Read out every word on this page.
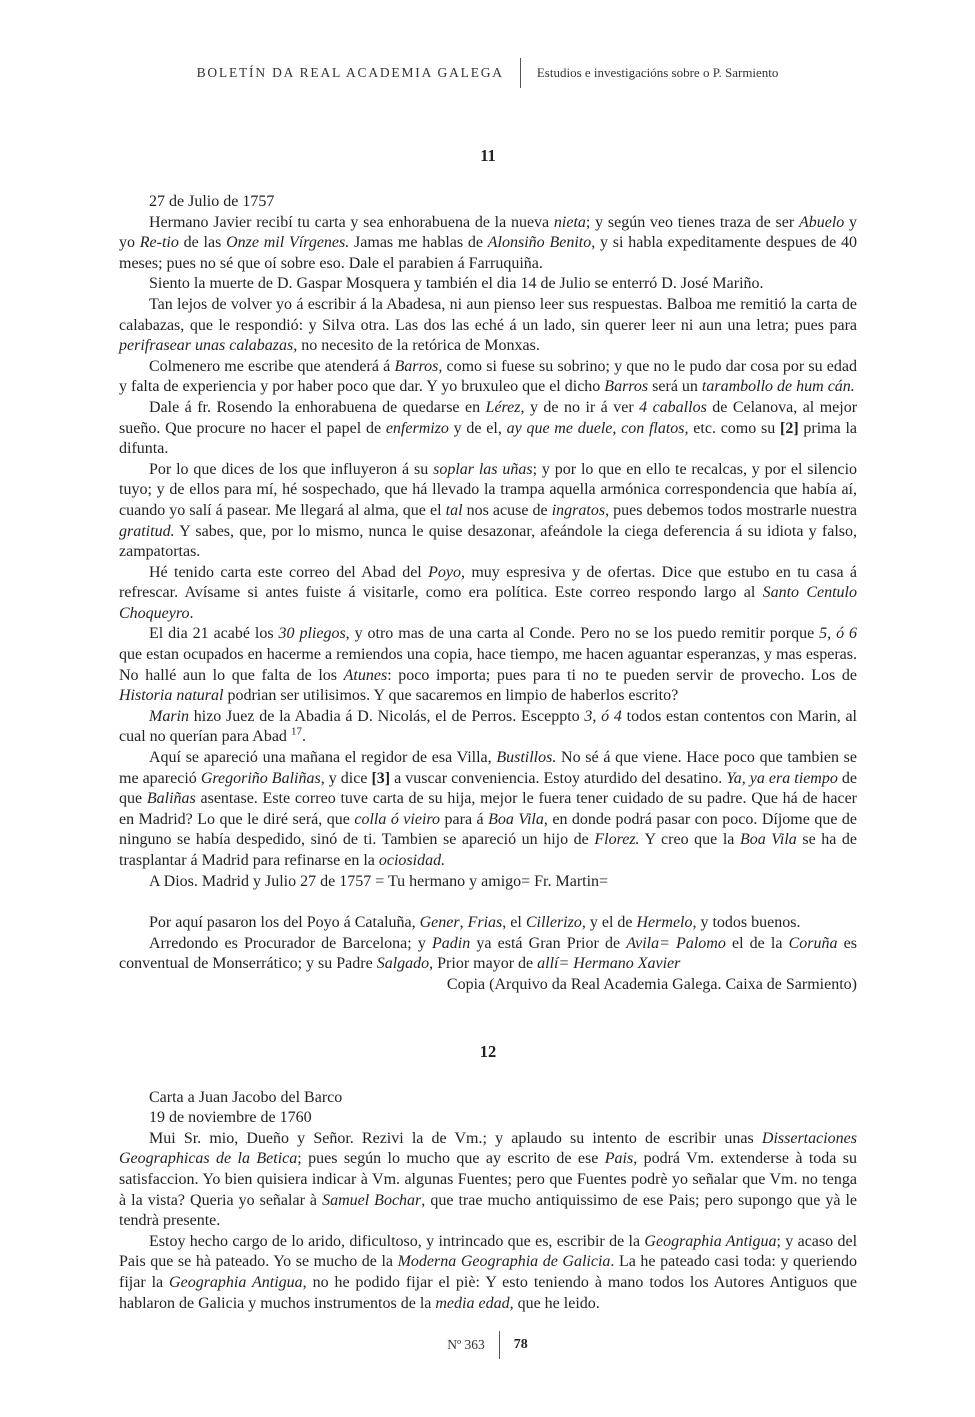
BOLETÍN DA REAL ACADEMIA GALEGA	Estudios e investigacións sobre o P. Sarmiento
11

27 de Julio de 1757

Hermano Javier recibí tu carta y sea enhorabuena de la nueva nieta; y según veo tienes traza de ser Abuelo y yo Re-tio de las Onze mil Vírgenes. Jamas me hablas de Alonsiño Benito, y si habla expeditamente despues de 40 meses; pues no sé que oí sobre eso. Dale el parabien á Farruquiña.

Siento la muerte de D. Gaspar Mosquera y también el dia 14 de Julio se enterró D. José Mariño.

Tan lejos de volver yo á escribir á la Abadesa, ni aun pienso leer sus respuestas. Balboa me remitió la carta de calabazas, que le respondió: y Silva otra. Las dos las eché á un lado, sin querer leer ni aun una letra; pues para perifrasear unas calabazas, no necesito de la retórica de Monxas.

Colmenero me escribe que atenderá á Barros, como si fuese su sobrino; y que no le pudo dar cosa por su edad y falta de experiencia y por haber poco que dar. Y yo bruxuleo que el dicho Barros será un tarambollo de hum cán.

Dale á fr. Rosendo la enhorabuena de quedarse en Lérez, y de no ir á ver 4 caballos de Celanova, al mejor sueño. Que procure no hacer el papel de enfermizo y de el, ay que me duele, con flatos, etc. como su [2] prima la difunta.

Por lo que dices de los que influyeron á su soplar las uñas; y por lo que en ello te recalcas, y por el silencio tuyo; y de ellos para mí, hé sospechado, que há llevado la trampa aquella armónica correspondencia que había aí, cuando yo salí á pasear. Me llegará al alma, que el tal nos acuse de ingratos, pues debemos todos mostrarle nuestra gratitud. Y sabes, que, por lo mismo, nunca le quise desazonar, afeándole la ciega deferencia á su idiota y falso, zampatortas.

Hé tenido carta este correo del Abad del Poyo, muy espresiva y de ofertas. Dice que estubo en tu casa á refrescar. Avísame si antes fuiste á visitarle, como era política. Este correo respondo largo al Santo Centulo Choqueyro.

El dia 21 acabé los 30 pliegos, y otro mas de una carta al Conde. Pero no se los puedo remitir porque 5, ó 6 que estan ocupados en hacerme a remiendos una copia, hace tiempo, me hacen aguantar esperanzas, y mas esperas. No hallé aun lo que falta de los Atunes: poco importa; pues para ti no te pueden servir de provecho. Los de Historia natural podrian ser utilisimos. Y que sacaremos en limpio de haberlos escrito?

Marin hizo Juez de la Abadia á D. Nicolás, el de Perros. Esceppto 3, ó 4 todos estan contentos con Marin, al cual no querían para Abad $^{17}$.

Aquí se apareció una mañana el regidor de esa Villa, Bustillos. No sé á que viene. Hace poco que tambien se me apareció Gregoriño Baliñas, y dice [3] a vuscar conveniencia. Estoy aturdido del desatino. Ya, ya era tiempo de que Baliñas asentase. Este correo tuve carta de su hija, mejor le fuera tener cuidado de su padre. Que há de hacer en Madrid? Lo que le diré será, que colla ó vieiro para á Boa Vila, en donde podrá pasar con poco. Díjome que de ninguno se había despedido, sinó de ti. Tambien se apareció un hijo de Florez. Y creo que la Boa Vila se ha de trasplantar á Madrid para refinarse en la ociosidad.

A Dios. Madrid y Julio 27 de 1757 = Tu hermano y amigo= Fr. Martin=

Por aquí pasaron los del Poyo á Cataluña, Gener, Frias, el Cillerizo, y el de Hermelo, y todos buenos.

Arredondo es Procurador de Barcelona; y Padin ya está Gran Prior de Avila= Palomo el de la Coruña es conventual de Monserrático; y su Padre Salgado, Prior mayor de allí= Hermano Xavier

Copia (Arquivo da Real Academia Galega. Caixa de Sarmiento)

12

Carta a Juan Jacobo del Barco

19 de noviembre de 1760

Mui Sr. mio, Dueño y Señor. Rezivi la de Vm.; y aplaudo su intento de escribir unas Dissertaciones Geographicas de la Betica; pues según lo mucho que ay escrito de ese Pais, podrá Vm. extenderse à toda su satisfaccion. Yo bien quisiera indicar à Vm. algunas Fuentes; pero que Fuentes podrè yo señalar que Vm. no tenga à la vista? Queria yo señalar à Samuel Bochar, que trae mucho antiquissimo de ese Pais; pero supongo que yà le tendrà presente.

Estoy hecho cargo de lo arido, dificultoso, y intrincado que es, escribir de la Geographia Antigua; y acaso del Pais que se hà pateado. Yo se mucho de la Moderna Geographia de Galicia. La he pateado casi toda: y queriendo fijar la Geographia Antigua, no he podido fijar el piè: Y esto teniendo à mano todos los Autores Antiguos que hablaron de Galicia y muchos instrumentos de la media edad, que he leido.

Nº 363 78
